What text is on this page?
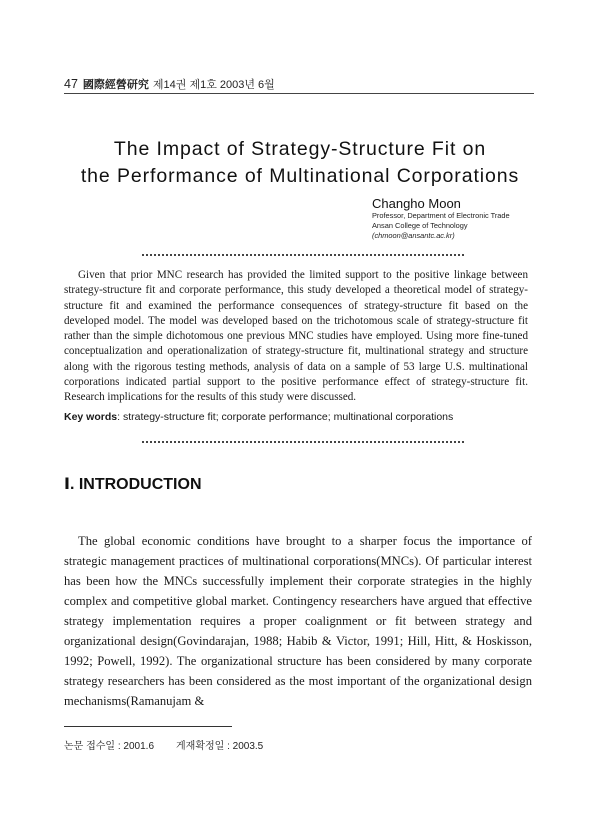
47 國際經營研究 제14권 제1호 2003년 6월
The Impact of Strategy-Structure Fit on
the Performance of Multinational Corporations
Changho Moon
Professor, Department of Electronic Trade
Ansan College of Technology
(chmoon@ansantc.ac.kr)
Given that prior MNC research has provided the limited support to the positive linkage between strategy-structure fit and corporate performance, this study developed a theoretical model of strategy-structure fit and examined the performance consequences of strategy-structure fit based on the developed model. The model was developed based on the trichotomous scale of strategy-structure fit rather than the simple dichotomous one previous MNC studies have employed. Using more fine-tuned conceptualization and operationalization of strategy-structure fit, multinational strategy and structure along with the rigorous testing methods, analysis of data on a sample of 53 large U.S. multinational corporations indicated partial support to the positive performance effect of strategy-structure fit. Research implications for the results of this study were discussed.
Key words: strategy-structure fit; corporate performance; multinational corporations
Ⅰ. INTRODUCTION
The global economic conditions have brought to a sharper focus the importance of strategic management practices of multinational corporations(MNCs). Of particular interest has been how the MNCs successfully implement their corporate strategies in the highly complex and competitive global market. Contingency researchers have argued that effective strategy implementation requires a proper coalignment or fit between strategy and organizational design(Govindarajan, 1988; Habib & Victor, 1991; Hill, Hitt, & Hoskisson, 1992; Powell, 1992). The organizational structure has been considered by many corporate strategy researchers has been considered as the most important of the organizational design mechanisms(Ramanujam &
논문 접수일 : 2001.6 게재확정일 : 2003.5
